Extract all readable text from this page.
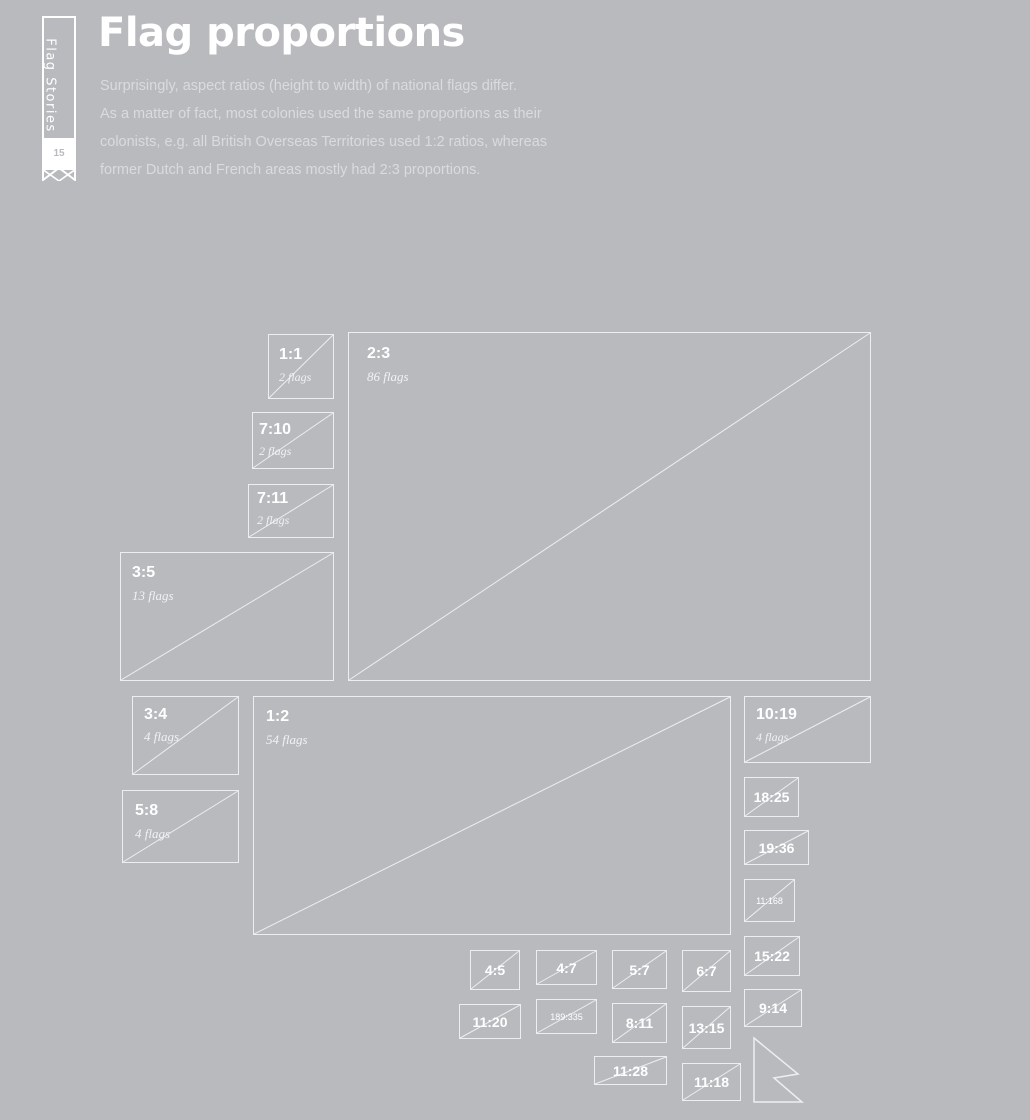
Flag Stories
15
Flag proportions
Surprisingly, aspect ratios (height to width) of national flags differ.
As a matter of fact, most colonies used the same proportions as their
colonists, e.g. all British Overseas Territories used 1:2 ratios, whereas
former Dutch and French areas mostly had 2:3 proportions.
1:1
2 flags
2:3
86 flags
7:10
2 flags
7:11
2 flags
3:5
13 flags
3:4
4 flags
1:2
54 flags
10:19
4 flags
5:8
4 flags
18:25
19:36
11:168
15:22
9:14
4:5	4:7	5:7	6:7
11:20	189:335	8:11	13:15
11:28
11:18
